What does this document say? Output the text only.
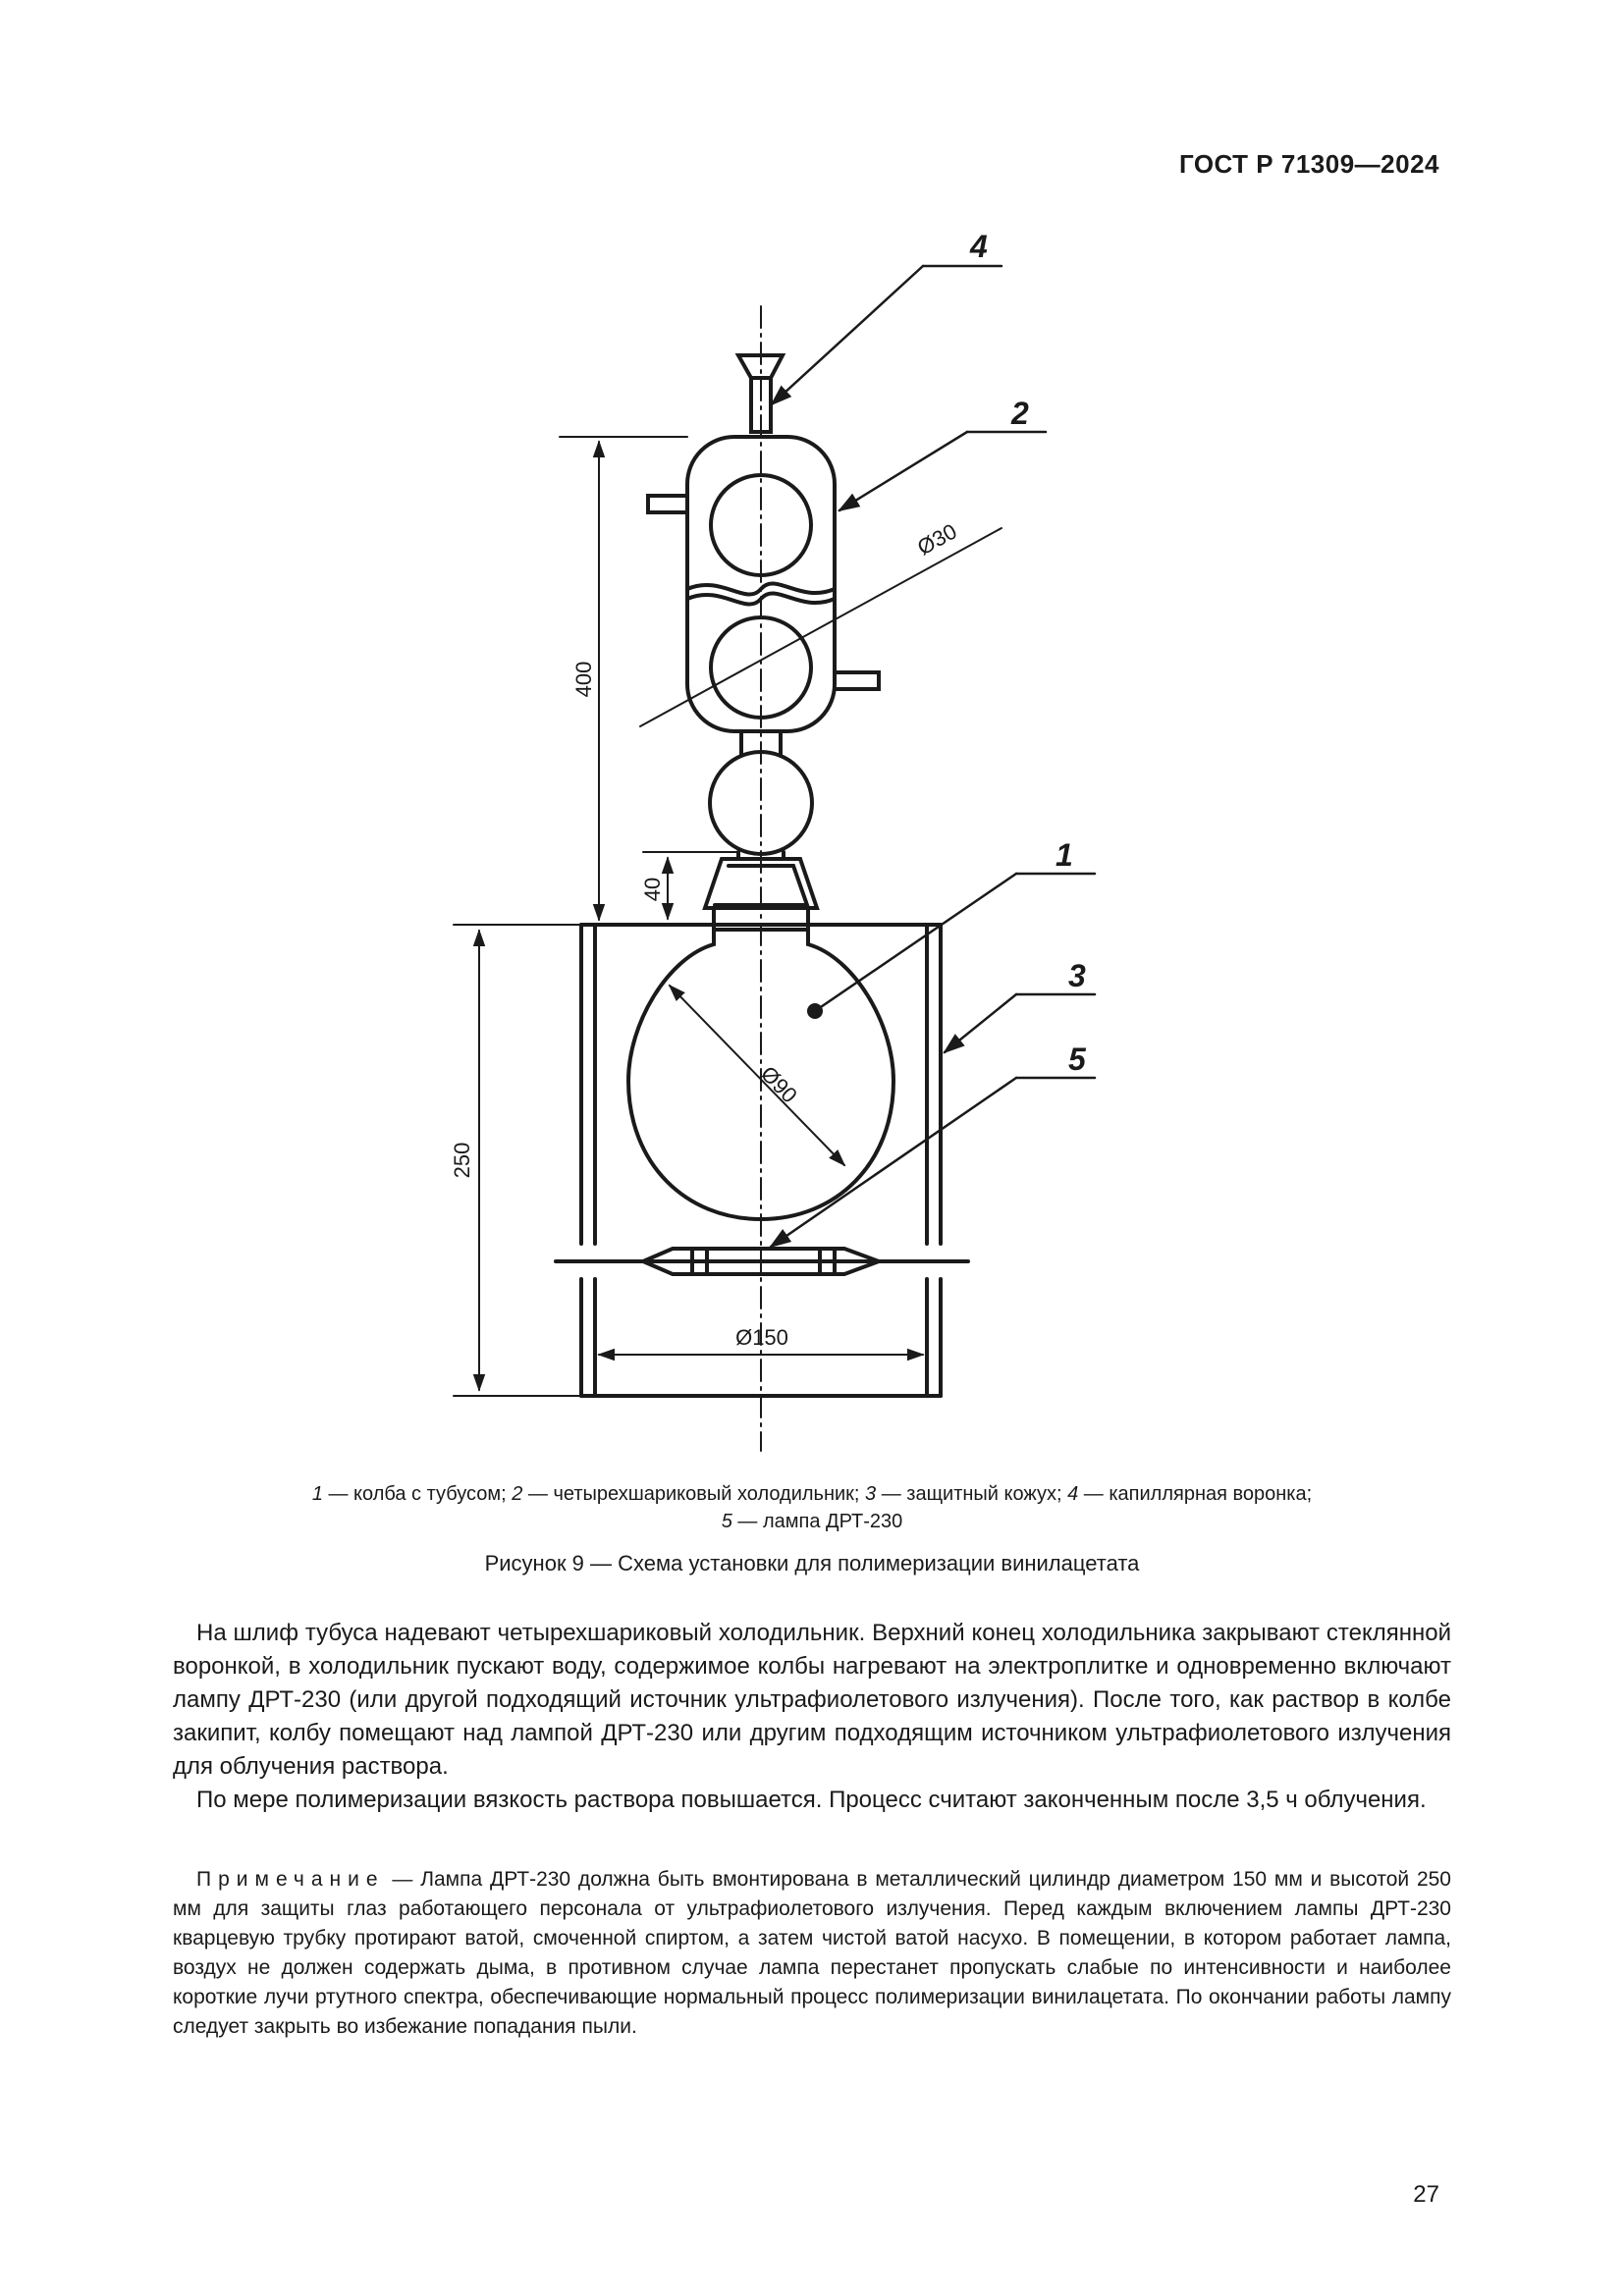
ГОСТ Р 71309—2024
4
2
1
3
5
400
40
250
Ø30
Ø90
Ø150
1 — колба с тубусом; 2 — четырехшариковый холодильник; 3 — защитный кожух; 4 — капиллярная воронка;
5 — лампа ДРТ-230
Рисунок 9 — Схема установки для полимеризации винилацетата
На шлиф тубуса надевают четырехшариковый холодильник. Верхний конец холодильника закрывают стеклянной воронкой, в холодильник пускают воду, содержимое колбы нагревают на электроплитке и одновременно включают лампу ДРТ-230 (или другой подходящий источник ультрафиолетового излучения). После того, как раствор в колбе закипит, колбу помещают над лампой ДРТ-230 или другим подходящим источником ультрафиолетового излучения для облучения раствора.
По мере полимеризации вязкость раствора повышается. Процесс считают законченным после 3,5 ч облучения.
Примечание — Лампа ДРТ-230 должна быть вмонтирована в металлический цилиндр диаметром 150 мм и высотой 250 мм для защиты глаз работающего персонала от ультрафиолетового излучения. Перед каждым включением лампы ДРТ-230 кварцевую трубку протирают ватой, смоченной спиртом, а затем чистой ватой насухо. В помещении, в котором работает лампа, воздух не должен содержать дыма, в противном случае лампа перестанет пропускать слабые по интенсивности и наиболее короткие лучи ртутного спектра, обеспечивающие нормальный процесс полимеризации винилацетата. По окончании работы лампу следует закрыть во избежание попадания пыли.
27
